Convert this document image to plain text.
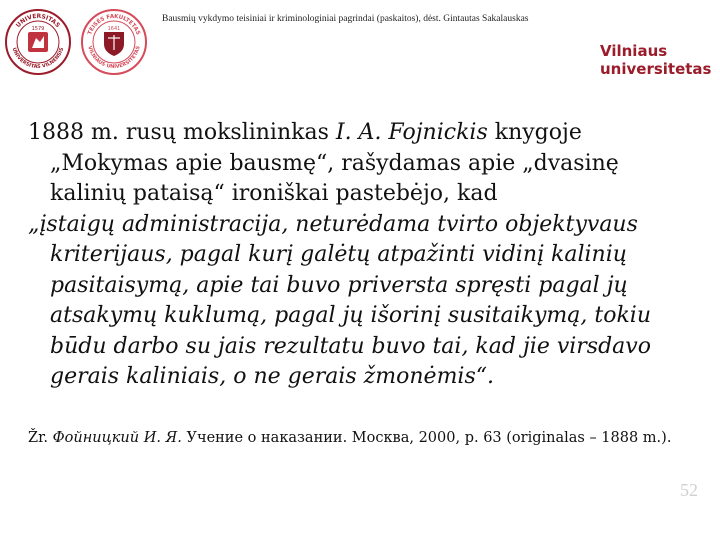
UNIVERSITAS
UNIVERSITAS VILNENSIS
1579
TEISĖS FAKULTETAS
VILNIAUS UNIVERSITETAS
1641
Bausmių vykdymo teisiniai ir kriminologiniai pagrindai (paskaitos), dėst. Gintautas Sakalauskas
Vilniaus
universitetas

1888 m. rusų mokslininkas I. A. Fojnickis knygoje „Mokymas apie bausmę“, rašydamas apie „dvasinę kalinių pataisą“ ironiškai pastebėjo, kad

„įstaigų administracija, neturėdama tvirto objektyvaus kriterijaus, pagal kurį galėtų atpažinti vidinį kalinių pasitaisymą, apie tai buvo priversta spręsti pagal jų atsakymų kuklumą, pagal jų išorinį susitaikymą, tokiu būdu darbo su jais rezultatu buvo tai, kad jie virsdavo gerais kaliniais, o ne gerais žmonėmis“.

Žr. Фойницкий И. Я. Учение о наказании. Москва, 2000, p. 63 (originalas – 1888 m.).
52
